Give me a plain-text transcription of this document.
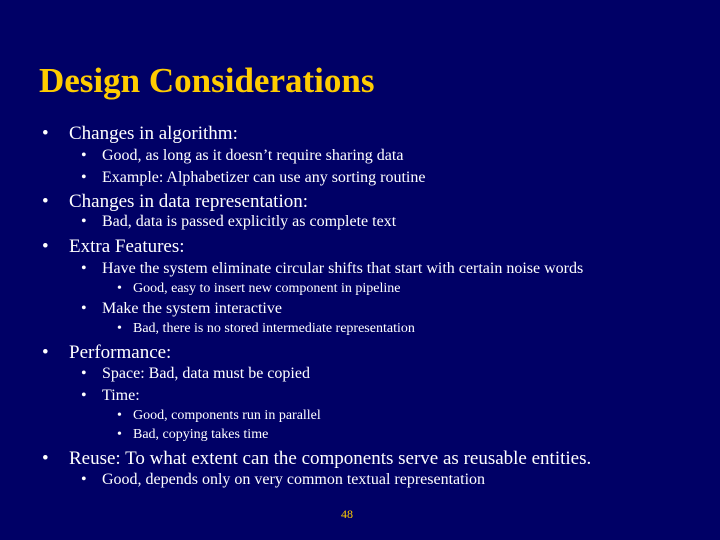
Design Considerations
• Changes in algorithm:
• Good, as long as it doesn’t require sharing data
• Example: Alphabetizer can use any sorting routine
• Changes in data representation:
• Bad, data is passed explicitly as complete text
• Extra Features:
• Have the system eliminate circular shifts that start with certain noise words
• Good, easy to insert new component in pipeline
• Make the system interactive
• Bad, there is no stored intermediate representation
• Performance:
• Space: Bad, data must be copied
• Time:
• Good, components run in parallel
• Bad, copying takes time
• Reuse: To what extent can the components serve as reusable entities.
• Good, depends only on very common textual representation
48
